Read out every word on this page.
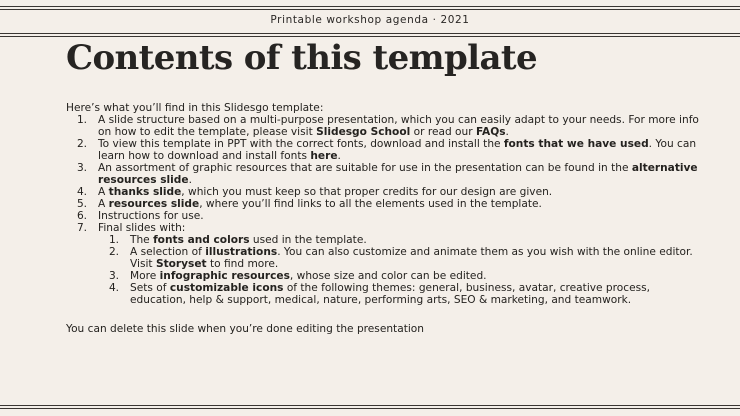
Printable workshop agenda · 2021
Contents of this template
Here’s what you’ll find in this Slidesgo template:
1.	A slide structure based on a multi-purpose presentation, which you can easily adapt to your needs. For more info on how to edit the template, please visit Slidesgo School or read our FAQs.
2.	To view this template in PPT with the correct fonts, download and install the fonts that we have used. You can learn how to download and install fonts here.
3.	An assortment of graphic resources that are suitable for use in the presentation can be found in the alternative resources slide.
4.	A thanks slide, which you must keep so that proper credits for our design are given.
5.	A resources slide, where you’ll find links to all the elements used in the template.
6.	Instructions for use.
7.	Final slides with:
1.	The fonts and colors used in the template.
2.	A selection of illustrations. You can also customize and animate them as you wish with the online editor. Visit Storyset to find more.
3.	More infographic resources, whose size and color can be edited.
4.	Sets of customizable icons of the following themes: general, business, avatar, creative process, education, help & support, medical, nature, performing arts, SEO & marketing, and teamwork.
You can delete this slide when you’re done editing the presentation
